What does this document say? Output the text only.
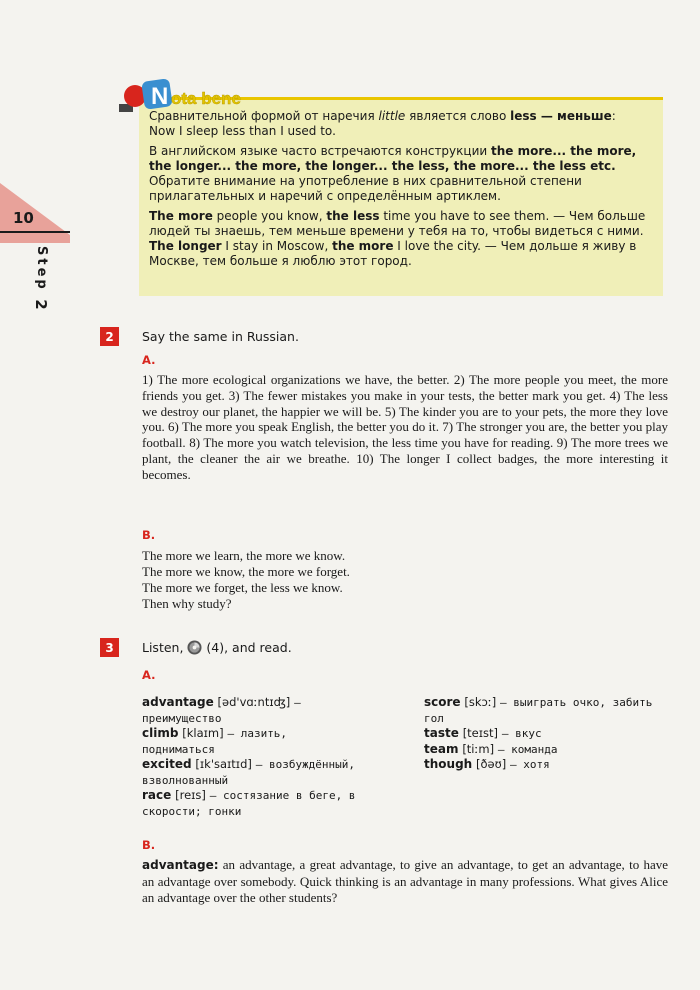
10
Step 2
N ota bene

Сравнительной формой от наречия little является слово less — меньше:
Now I sleep less than I used to.

В английском языке часто встречаются конструкции the more... the more, the longer... the more, the longer... the less, the more... the less etc. Обратите внимание на употребление в них сравнительной степени прилагательных и наречий с определённым артиклем.

The more people you know, the less time you have to see them. — Чем больше людей ты знаешь, тем меньше времени у тебя на то, чтобы видеться с ними.

The longer I stay in Moscow, the more I love the city. — Чем дольше я живу в Москве, тем больше я люблю этот город.

2	Say the same in Russian.
A.
1) The more ecological organizations we have, the better. 2) The more people you meet, the more friends you get. 3) The fewer mistakes you make in your tests, the better mark you get. 4) The less we destroy our planet, the happier we will be. 5) The kinder you are to your pets, the more they love you. 6) The more you speak English, the better you do it. 7) The stronger you are, the better you play football. 8) The more you watch television, the less time you have for reading. 9) The more trees we plant, the cleaner the air we breathe. 10) The longer I collect badges, the more interesting it becomes.
B.
The more we learn, the more we know.
The more we know, the more we forget.
The more we forget, the less we know.
Then why study?
3	Listen, (4), and read.
A.
advantage [əd'vɑːntɪʤ] — преимущество
climb [klaɪm] — лазить, подниматься
excited [ɪk'saɪtɪd] — возбуждённый, взволнованный
race [reɪs] — состязание в беге, в скорости; гонки
score [skɔː] — выиграть очко, забить гол
taste [teɪst] — вкус
team [tiːm] — команда
though [ðəʊ] — хотя
B.
advantage: an advantage, a great advantage, to give an advantage, to get an advantage, to have an advantage over somebody. Quick thinking is an advantage in many professions. What gives Alice an advantage over the other students?
